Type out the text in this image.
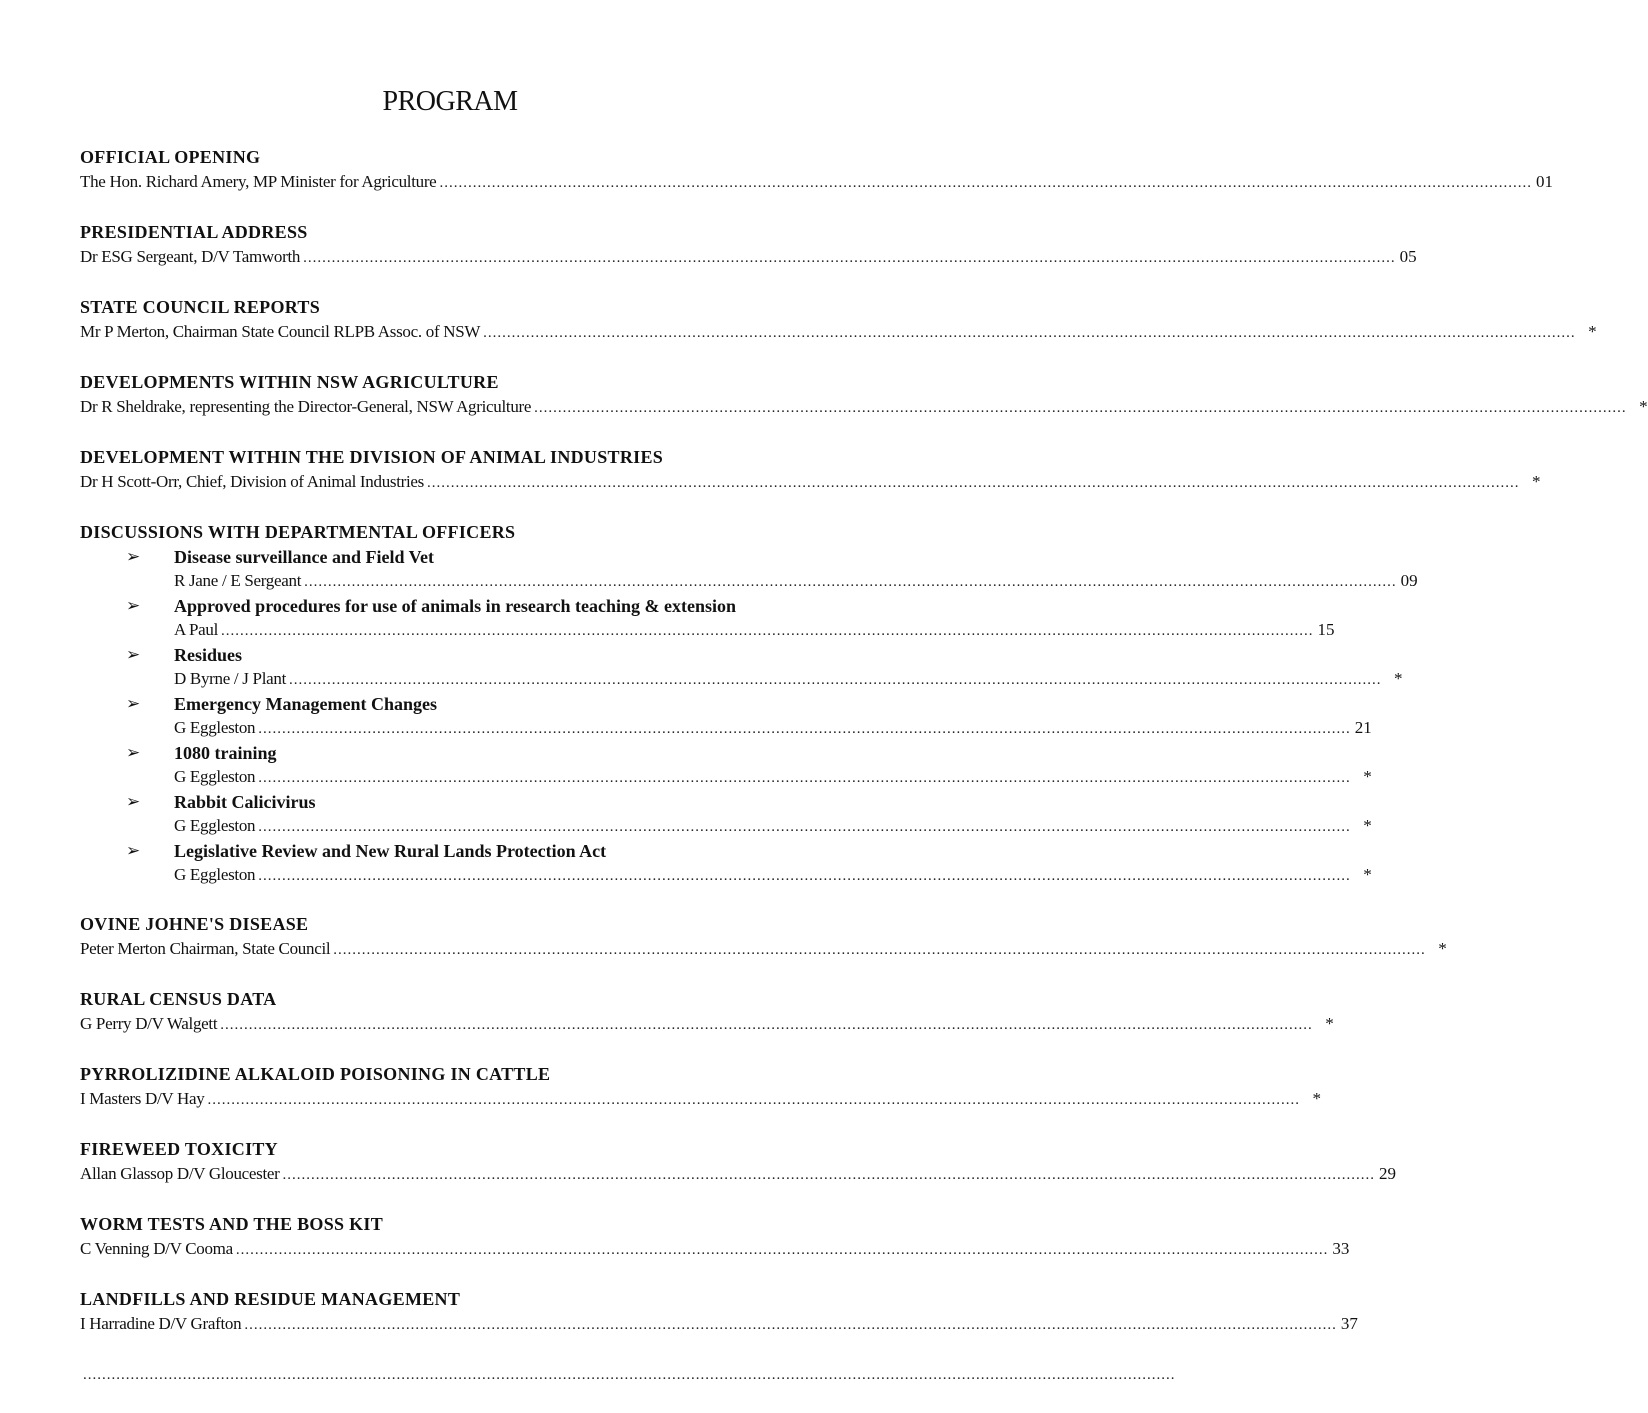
PROGRAM
OFFICIAL OPENING
The Hon. Richard Amery, MP Minister for Agriculture .....	01
PRESIDENTIAL ADDRESS
Dr ESG Sergeant, D/V Tamworth .....	05
STATE COUNCIL REPORTS
Mr P Merton, Chairman State Council RLPB Assoc. of NSW .....	*
DEVELOPMENTS WITHIN NSW AGRICULTURE
Dr R Sheldrake, representing the Director-General, NSW Agriculture .....	*
DEVELOPMENT WITHIN THE DIVISION OF ANIMAL INDUSTRIES
Dr H Scott-Orr, Chief, Division of Animal Industries .....	*
DISCUSSIONS WITH DEPARTMENTAL OFFICERS
➢	Disease surveillance and Field Vet
R Jane / E Sergeant .....	09
➢	Approved procedures for use of animals in research teaching & extension
A Paul .....	15
➢	Residues
D Byrne / J Plant .....	*
➢	Emergency Management Changes
G Eggleston .....	21
➢	1080 training
G Eggleston .....	*
➢	Rabbit Calicivirus
G Eggleston .....	*
➢	Legislative Review and New Rural Lands Protection Act
G Eggleston .....	*
OVINE JOHNE'S DISEASE
Peter Merton Chairman, State Council .....	*
RURAL CENSUS DATA
G Perry D/V Walgett .....	*
PYRROLIZIDINE ALKALOID POISONING IN CATTLE
I Masters D/V Hay .....	*
FIREWEED TOXICITY
Allan Glassop D/V Gloucester .....	29
WORM TESTS AND THE BOSS KIT
C Venning D/V Cooma .....	33
LANDFILLS AND RESIDUE MANAGEMENT
I Harradine D/V Grafton .....	37
.....
